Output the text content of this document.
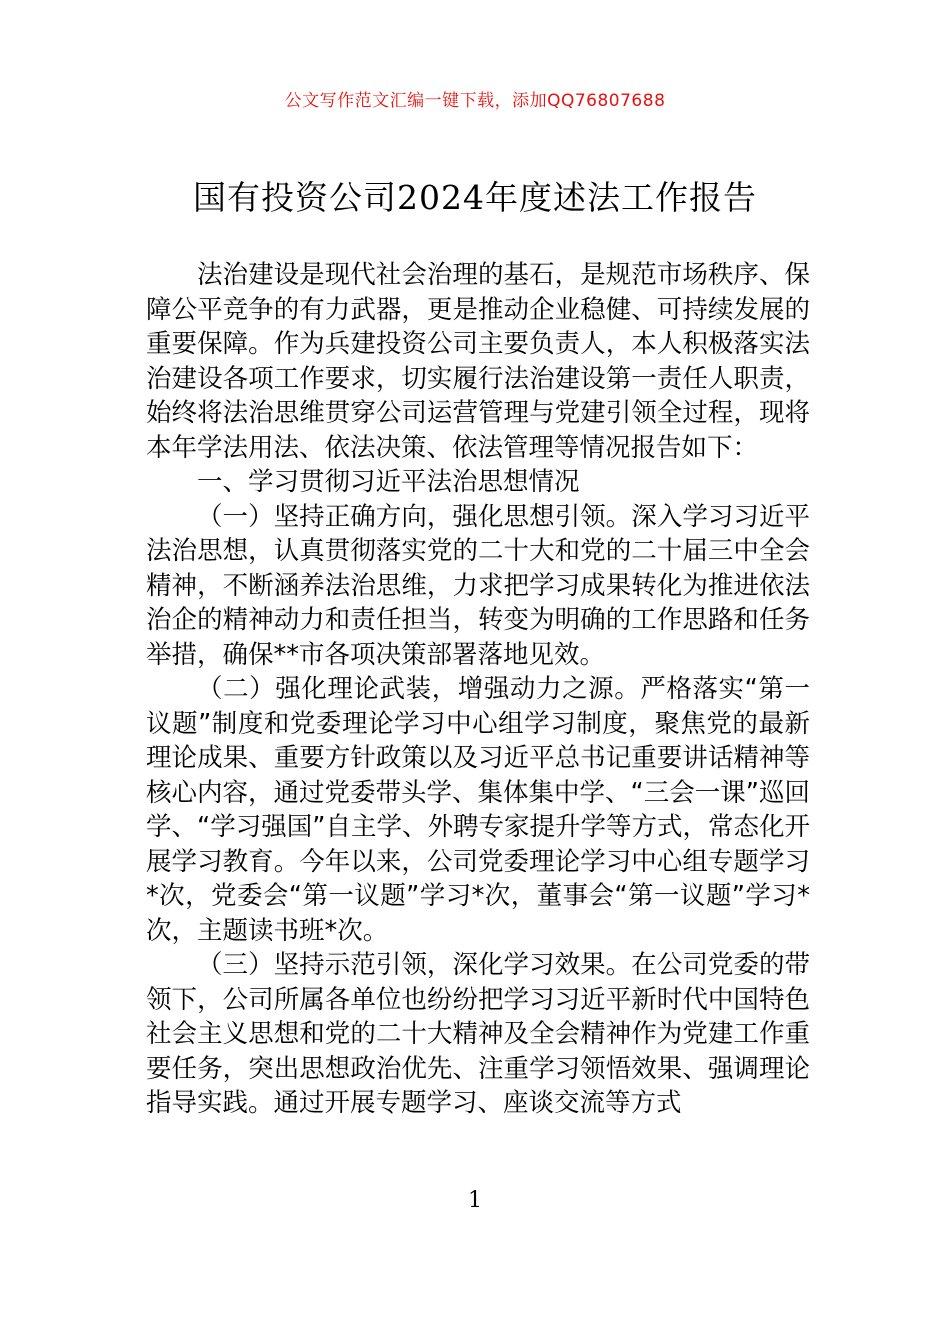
公文写作范文汇编一键下载，添加QQ76807688
国有投资公司2024年度述法工作报告

法治建设是现代社会治理的基石，是规范市场秩序、保障公平竞争的有力武器，更是推动企业稳健、可持续发展的重要保障。作为兵建投资公司主要负责人，本人积极落实法治建设各项工作要求，切实履行法治建设第一责任人职责，始终将法治思维贯穿公司运营管理与党建引领全过程，现将本年学法用法、依法决策、依法管理等情况报告如下：

一、学习贯彻习近平法治思想情况

（一）坚持正确方向，强化思想引领。深入学习习近平法治思想，认真贯彻落实党的二十大和党的二十届三中全会精神，不断涵养法治思维，力求把学习成果转化为推进依法治企的精神动力和责任担当，转变为明确的工作思路和任务举措，确保**市各项决策部署落地见效。

（二）强化理论武装，增强动力之源。严格落实“第一议题”制度和党委理论学习中心组学习制度，聚焦党的最新理论成果、重要方针政策以及习近平总书记重要讲话精神等核心内容，通过党委带头学、集体集中学、“三会一课”巡回学、“学习强国”自主学、外聘专家提升学等方式，常态化开展学习教育。今年以来，公司党委理论学习中心组专题学习*次，党委会“第一议题”学习*次，董事会“第一议题”学习*次，主题读书班*次。

（三）坚持示范引领，深化学习效果。在公司党委的带领下，公司所属各单位也纷纷把学习习近平新时代中国特色社会主义思想和党的二十大精神及全会精神作为党建工作重要任务，突出思想政治优先、注重学习领悟效果、强调理论指导实践。通过开展专题学习、座谈交流等方式

1
